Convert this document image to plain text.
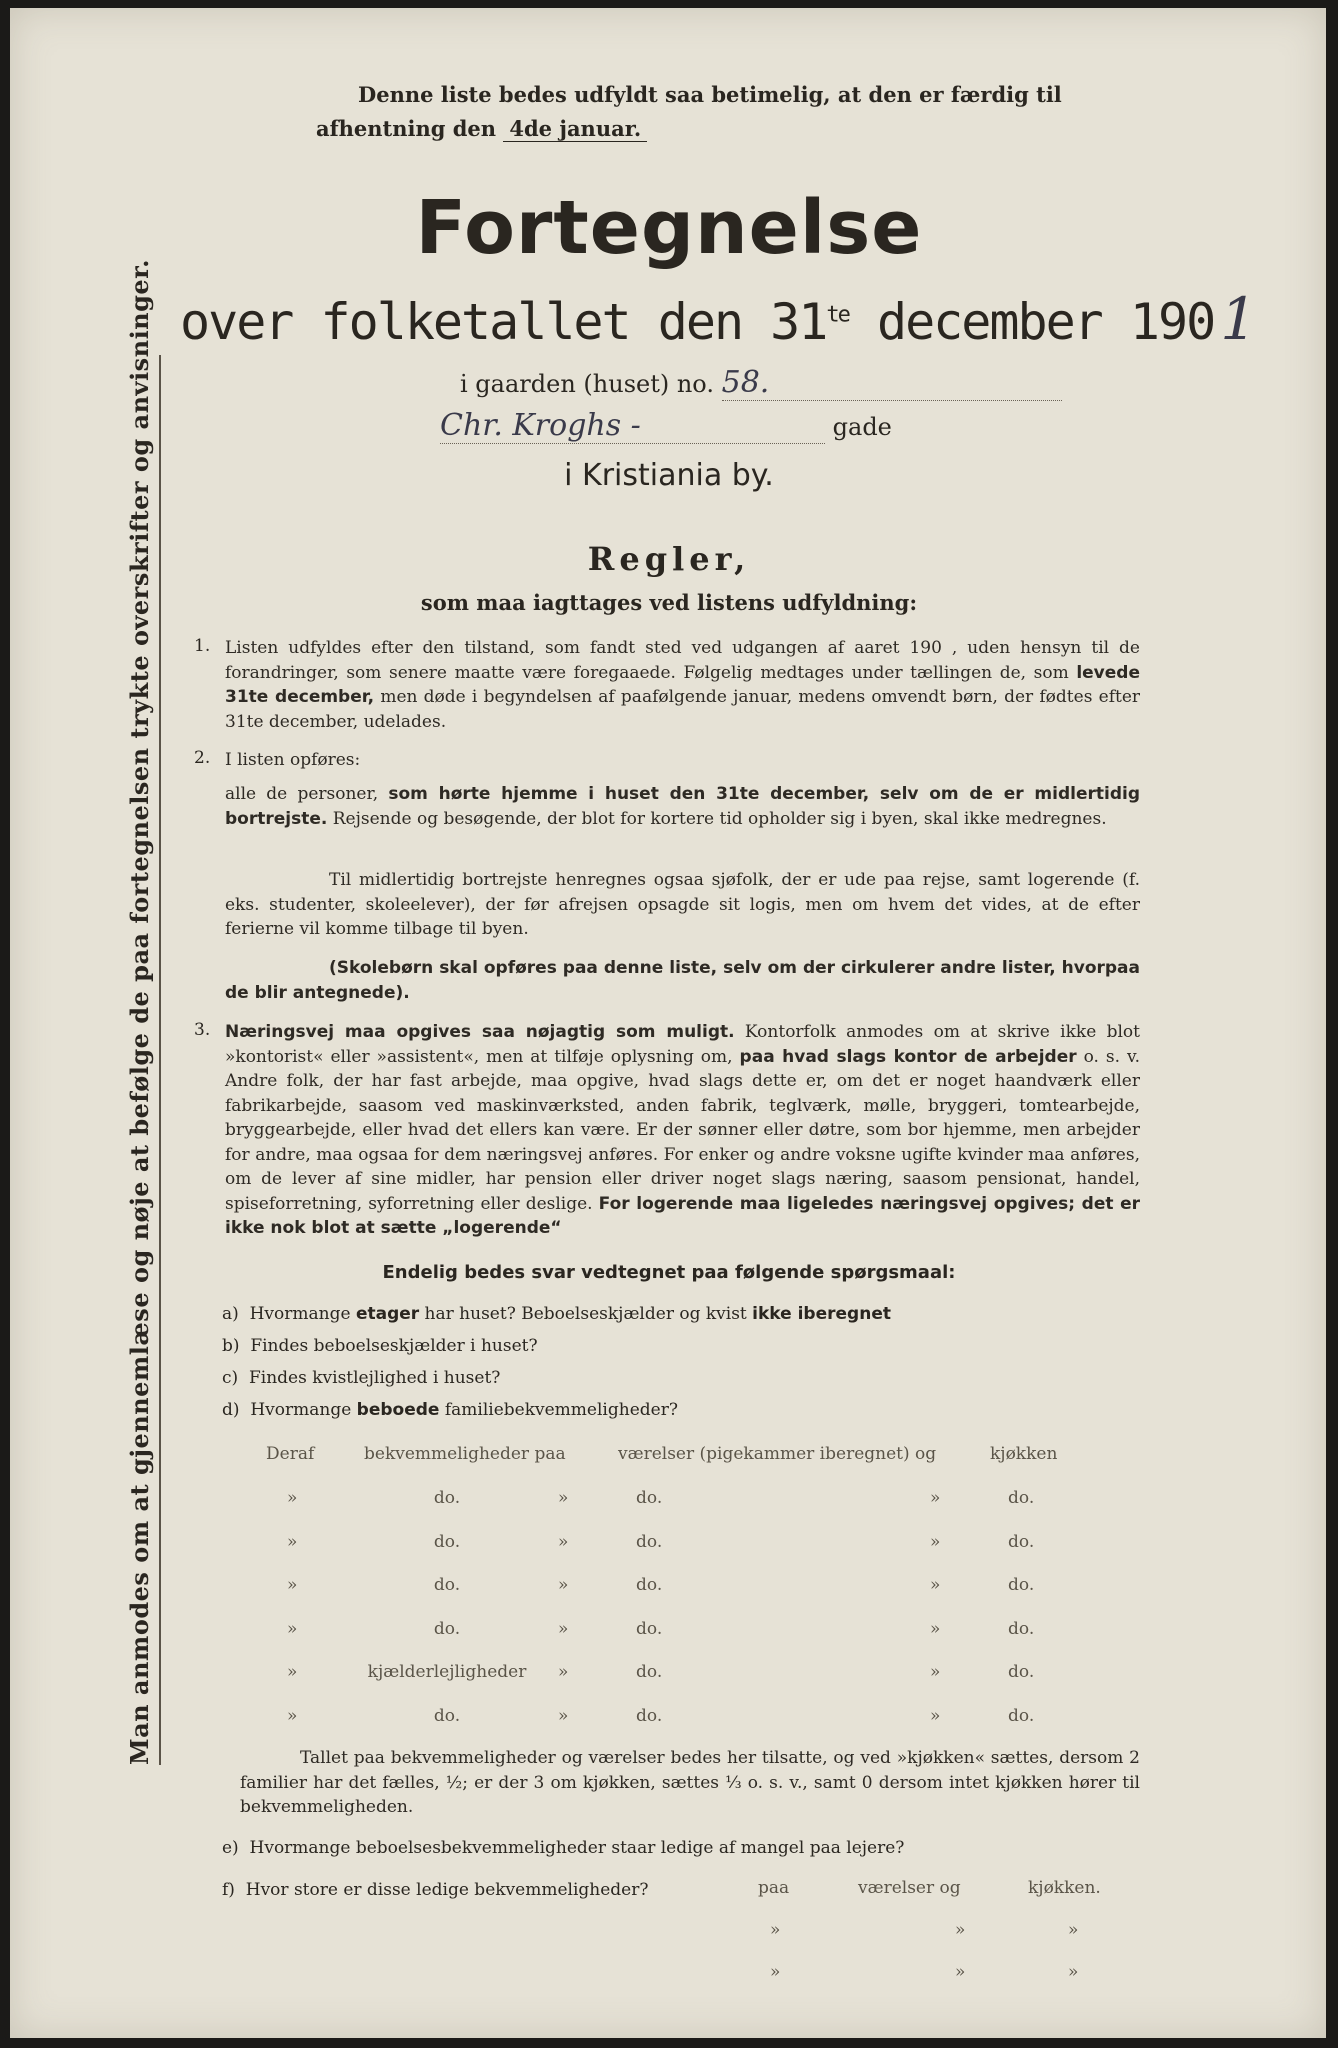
Man anmodes om at gjennemlæse og nøje at befølge de paa fortegnelsen trykte overskrifter og anvisninger.
Denne liste bedes udfyldt saa betimelig, at den er færdig til
afhentning den 4de januar.
Fortegnelse
over folketallet den $31^{te}$ december 190 1
i gaarden (huset) no. 58.
Chr. Kroghs -	gade
i Kristiania by.
Regler,
som maa iagttages ved listens udfyldning:
1. Listen udfyldes efter den tilstand, som fandt sted ved udgangen af aaret 190 , uden hensyn til de forandringer, som senere maatte være foregaaede. Følgelig medtages under tællingen de, som levede 31te december, men døde i begyndelsen af paafølgende januar, medens omvendt børn, der fødtes efter 31te december, udelades.
2. I listen opføres:
alle de personer, som hørte hjemme i huset den 31te december, selv om de er midlertidig bortrejste. Rejsende og besøgende, der blot for kortere tid opholder sig i byen, skal ikke medregnes.
Til midlertidig bortrejste henregnes ogsaa sjøfolk, der er ude paa rejse, samt logerende (f. eks. studenter, skoleelever), der før afrejsen opsagde sit logis, men om hvem det vides, at de efter ferierne vil komme tilbage til byen.
(Skolebørn skal opføres paa denne liste, selv om der cirkulerer andre lister, hvorpaa de blir antegnede).
3. Næringsvej maa opgives saa nøjagtig som muligt. Kontorfolk anmodes om at skrive ikke blot »kontorist« eller »assistent«, men at tilføje oplysning om, paa hvad slags kontor de arbejder o. s. v. Andre folk, der har fast arbejde, maa opgive, hvad slags dette er, om det er noget haandværk eller fabrikarbejde, saasom ved maskinværksted, anden fabrik, teglværk, mølle, bryggeri, tomtearbejde, bryggearbejde, eller hvad det ellers kan være. Er der sønner eller døtre, som bor hjemme, men arbejder for andre, maa ogsaa for dem næringsvej anføres. For enker og andre voksne ugifte kvinder maa anføres, om de lever af sine midler, har pension eller driver noget slags næring, saasom pensionat, handel, spiseforretning, syforretning eller deslige. For logerende maa ligeledes næringsvej opgives; det er ikke nok blot at sætte „logerende“
Endelig bedes svar vedtegnet paa følgende spørgsmaal:
a) Hvormange etager har huset? Beboelseskjælder og kvist ikke iberegnet
b) Findes beboelseskjælder i huset?
c) Findes kvistlejlighed i huset?
d) Hvormange beboede familiebekvemmeligheder?
Deraf	bekvemmeligheder paa	værelser (pigekammer iberegnet) og	kjøkken
»	do.	»	do.	»	do.
»	do.	»	do.	»	do.
»	do.	»	do.	»	do.
»	do.	»	do.	»	do.
»	kjælderlejligheder	»	do.	»	do.
»	do.	»	do.	»	do.
Tallet paa bekvemmeligheder og værelser bedes her tilsatte, og ved »kjøkken« sættes, dersom 2 familier har det fælles, ½; er der 3 om kjøkken, sættes ⅓ o. s. v., samt 0 dersom intet kjøkken hører til bekvemmeligheden.
e) Hvormange beboelsesbekvemmeligheder staar ledige af mangel paa lejere?
f) Hvor store er disse ledige bekvemmeligheder?	paa	værelser og	kjøkken.
»	»	»
»	»	»
